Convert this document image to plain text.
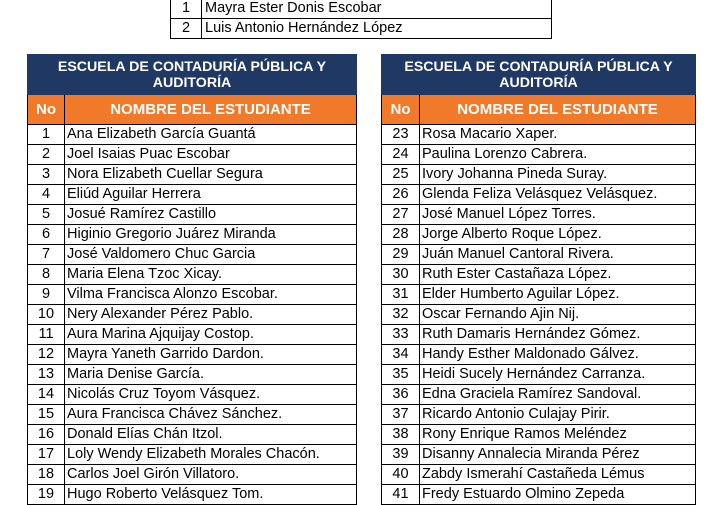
1	Mayra Ester Donis Escobar
2	Luis Antonio Hernández López
ESCUELA DE CONTADURÍA PÚBLICA Y AUDITORÍA	
No	NOMBRE DEL ESTUDIANTE
1	Ana Elizabeth García Guantá
2	Joel Isaias Puac Escobar
3	Nora Elizabeth Cuellar Segura
4	Eliúd Aguilar Herrera
5	Josué Ramírez Castillo
6	Higinio Gregorio Juárez Miranda
7	José Valdomero Chuc Garcia
8	Maria Elena Tzoc Xicay.
9	Vilma Francisca Alonzo Escobar.
10	Nery Alexander Pérez Pablo.
11	Aura Marina Ajquijay Costop.
12	Mayra Yaneth Garrido Dardon.
13	Maria Denise García.
14	Nicolás Cruz Toyom Vásquez.
15	Aura Francisca Chávez Sánchez.
16	Donald Elías Chán Itzol.
17	Loly Wendy Elizabeth Morales Chacón.
18	Carlos Joel Girón Villatoro.
19	Hugo Roberto Velásquez Tom.
ESCUELA DE CONTADURÍA PÚBLICA Y AUDITORÍA	
No	NOMBRE DEL ESTUDIANTE
23	Rosa Macario Xaper.
24	Paulina Lorenzo Cabrera.
25	Ivory Johanna Pineda Suray.
26	Glenda Feliza Velásquez Velásquez.
27	José Manuel López Torres.
28	Jorge Alberto Roque López.
29	Juán Manuel Cantoral Rivera.
30	Ruth Ester Castañaza López.
31	Elder Humberto Aguilar López.
32	Oscar Fernando Ajin Nij.
33	Ruth Damaris Hernández Gómez.
34	Handy Esther Maldonado Gálvez.
35	Heidi Sucely Hernández Carranza.
36	Edna Graciela Ramírez Sandoval.
37	Ricardo Antonio Culajay Pirir.
38	Rony Enrique Ramos Meléndez
39	Disanny Annalecia Miranda Pérez
40	Zabdy Ismerahí Castañeda Lémus
41	Fredy Estuardo Olmino Zepeda
